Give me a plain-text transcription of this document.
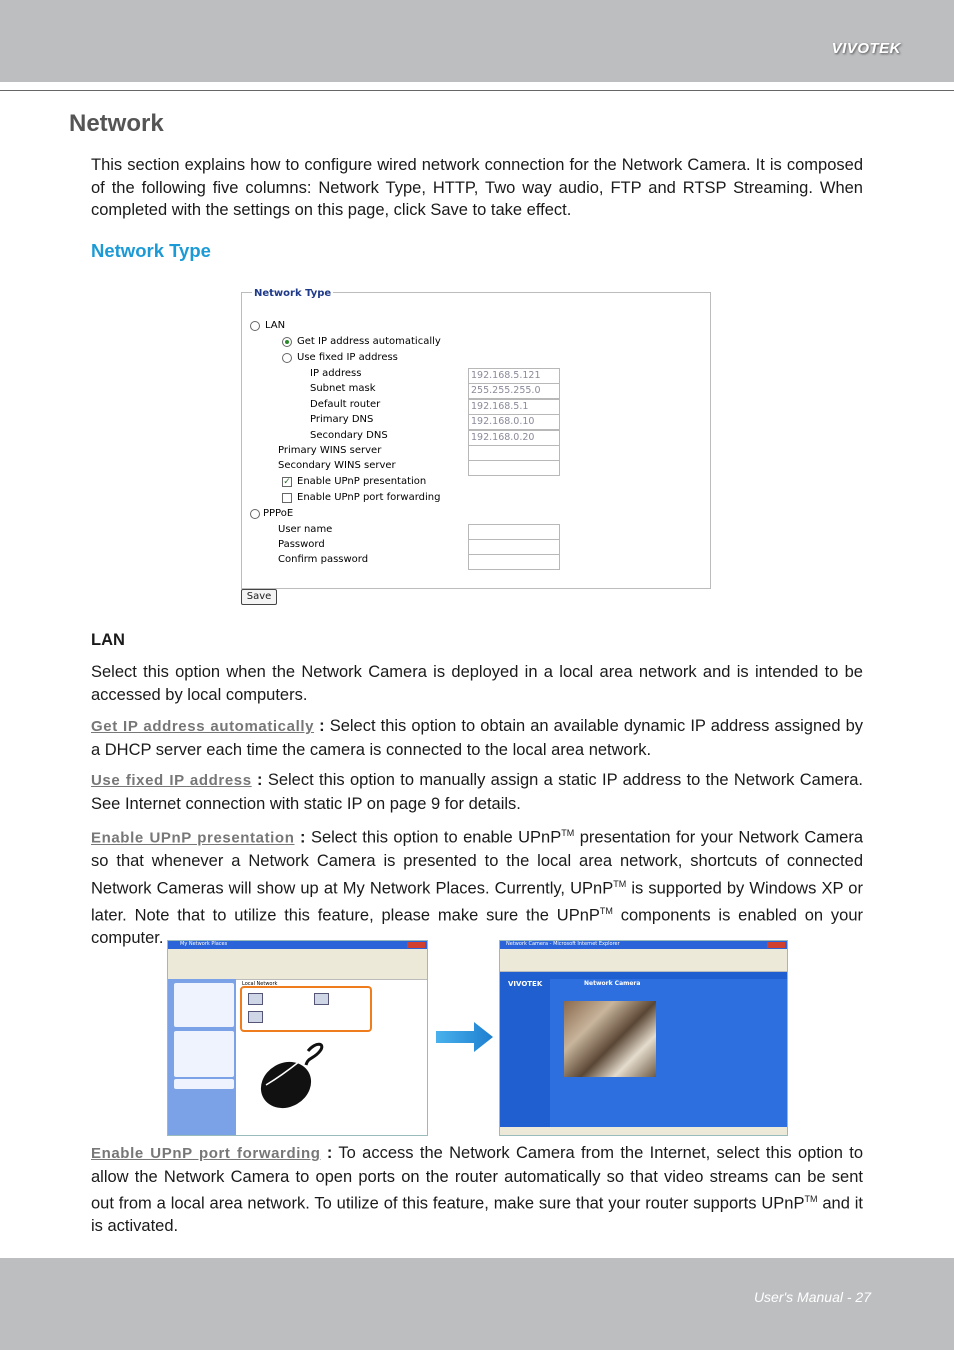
VIVOTEK
Network

This section explains how to configure wired network connection for the Network Camera. It is composed of the following five columns: Network Type, HTTP, Two way audio, FTP and RTSP Streaming. When completed with the settings on this page, click Save to take effect.

Network Type
Network Type
LAN
Get IP address automatically
Use fixed IP address
IP address	192.168.5.121
Subnet mask	255.255.255.0
Default router	192.168.5.1
Primary DNS	192.168.0.10
Secondary DNS	192.168.0.20
Primary WINS server
Secondary WINS server
✓ Enable UPnP presentation
Enable UPnP port forwarding
PPPoE
User name
Password
Confirm password
Save
LAN

Select this option when the Network Camera is deployed in a local area network and is intended to be accessed by local computers.

Get IP address automatically : Select this option to obtain an available dynamic IP address assigned by a DHCP server each time the camera is connected to the local area network.

Use fixed IP address : Select this option to manually assign a static IP address to the Network Camera. See Internet connection with static IP on page 9 for details.

Enable UPnP presentation : Select this option to enable UPnP™ presentation for your Network Camera so that whenever a Network Camera is presented to the local area network, shortcuts of connected Network Cameras will show up at My Network Places. Currently, UPnP™ is supported by Windows XP or later. Note that to utilize this feature, please make sure the UPnP™ components is enabled on your computer.	My Network Places
Local Network
Network Camera - Microsoft Internet Explorer
VIVOTEK	Network Camera

Enable UPnP port forwarding : To access the Network Camera from the Internet, select this option to allow the Network Camera to open ports on the router automatically so that video streams can be sent out from a local area network. To utilize of this feature, make sure that your router supports UPnP™ and it is activated.

User's Manual - 27
